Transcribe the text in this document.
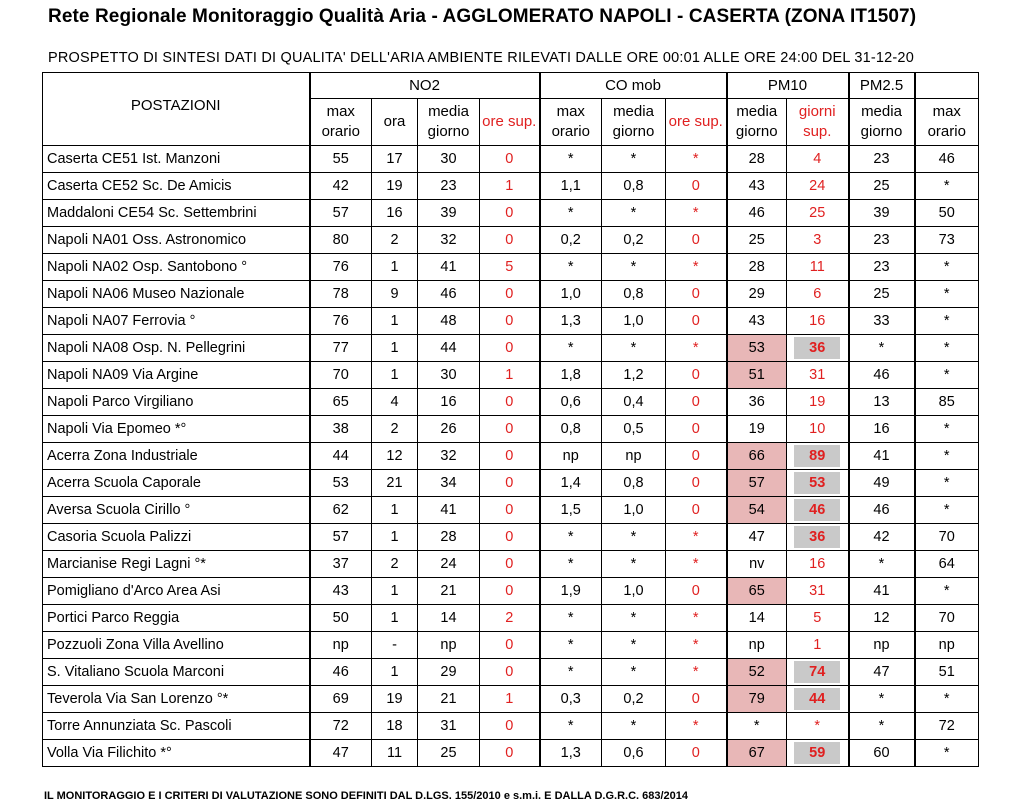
Rete Regionale Monitoraggio Qualità Aria - AGGLOMERATO NAPOLI - CASERTA (ZONA IT1507)
PROSPETTO DI SINTESI DATI DI QUALITA' DELL'ARIA AMBIENTE RILEVATI DALLE ORE 00:01 ALLE ORE 24:00 DEL 31-12-20
POSTAZIONI	NO2				CO mob			PM10		PM2.5	
	max orario	ora	media giorno	ore sup.	max orario	media giorno	ore sup.	media giorno	giorni sup.	media giorno	max orario
Caserta CE51 Ist. Manzoni	55	17	30	0	*	*	*	28	4	23	46
Caserta CE52 Sc. De Amicis	42	19	23	1	1,1	0,8	0	43	24	25	*
Maddaloni CE54 Sc. Settembrini	57	16	39	0	*	*	*	46	25	39	50
Napoli NA01 Oss. Astronomico	80	2	32	0	0,2	0,2	0	25	3	23	73
Napoli NA02 Osp. Santobono °	76	1	41	5	*	*	*	28	11	23	*
Napoli NA06 Museo Nazionale	78	9	46	0	1,0	0,8	0	29	6	25	*
Napoli NA07 Ferrovia °	76	1	48	0	1,3	1,0	0	43	16	33	*
Napoli NA08 Osp. N. Pellegrini	77	1	44	0	*	*	*	53	36	*	*
Napoli NA09 Via Argine	70	1	30	1	1,8	1,2	0	51	31	46	*
Napoli Parco Virgiliano	65	4	16	0	0,6	0,4	0	36	19	13	85
Napoli Via Epomeo *°	38	2	26	0	0,8	0,5	0	19	10	16	*
Acerra Zona Industriale	44	12	32	0	np	np	0	66	89	41	*
Acerra Scuola Caporale	53	21	34	0	1,4	0,8	0	57	53	49	*
Aversa Scuola Cirillo °	62	1	41	0	1,5	1,0	0	54	46	46	*
Casoria Scuola Palizzi	57	1	28	0	*	*	*	47	36	42	70
Marcianise Regi Lagni °*	37	2	24	0	*	*	*	nv	16	*	64
Pomigliano d'Arco Area Asi	43	1	21	0	1,9	1,0	0	65	31	41	*
Portici Parco Reggia	50	1	14	2	*	*	*	14	5	12	70
Pozzuoli Zona Villa Avellino	np	-	np	0	*	*	*	np	1	np	np
S. Vitaliano Scuola Marconi	46	1	29	0	*	*	*	52	74	47	51
Teverola Via San Lorenzo °*	69	19	21	1	0,3	0,2	0	79	44	*	*
Torre Annunziata Sc. Pascoli	72	18	31	0	*	*	*	*	*	*	72
Volla Via Filichito *°	47	11	25	0	1,3	0,6	0	67	59	60	*
IL MONITORAGGIO E I CRITERI DI VALUTAZIONE SONO DEFINITI DAL D.LGS. 155/2010 e s.m.i. E DALLA D.G.R.C. 683/2014
